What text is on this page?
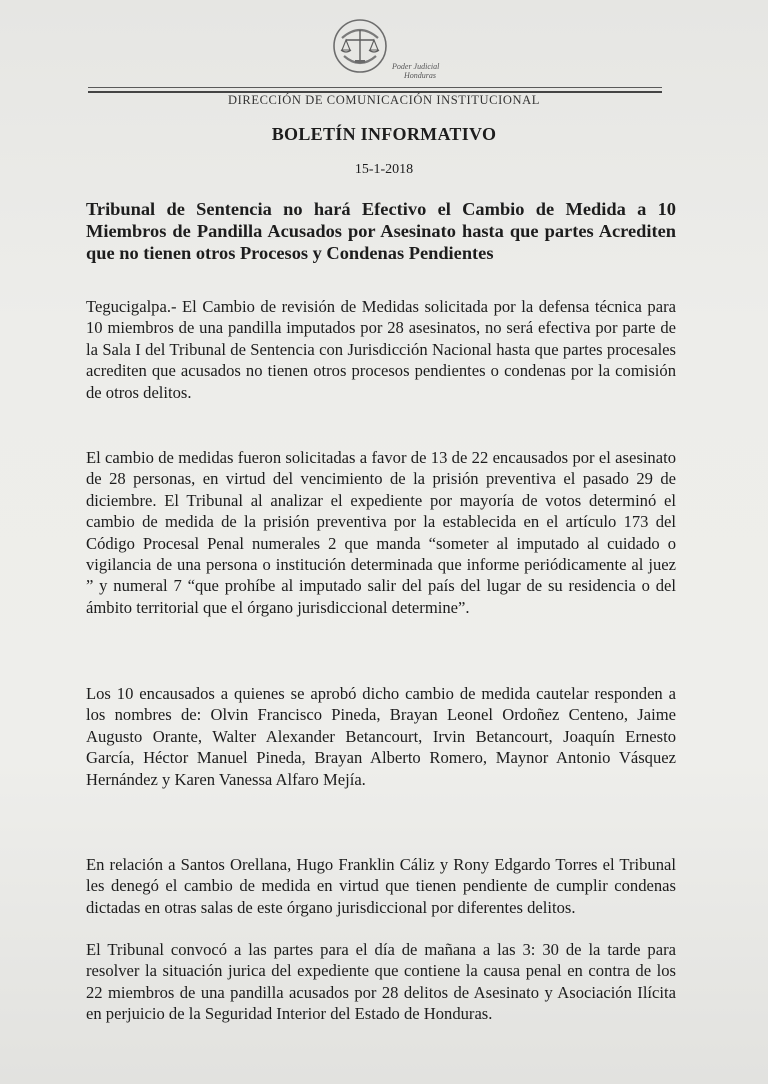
Poder Judicial
Honduras
DIRECCIÓN DE COMUNICACIÓN INSTITUCIONAL
BOLETÍN INFORMATIVO
15-1-2018
Tribunal de Sentencia no hará Efectivo el Cambio de Medida a 10 Miembros de Pandilla Acusados por Asesinato hasta que partes Acrediten que no tienen otros Procesos y Condenas Pendientes
Tegucigalpa.- El Cambio de revisión de Medidas solicitada por la defensa técnica para 10 miembros de una pandilla imputados por 28 asesinatos, no será efectiva por parte de la Sala I del Tribunal de Sentencia con Jurisdicción Nacional hasta que partes procesales acrediten que acusados no tienen otros procesos pendientes o condenas por la comisión de otros delitos.
El cambio de medidas fueron solicitadas a favor de 13 de 22 encausados por el asesinato de 28 personas, en virtud del vencimiento de la prisión preventiva el pasado 29 de diciembre. El Tribunal al analizar el expediente por mayoría de votos determinó el cambio de medida de la prisión preventiva por la establecida en el artículo 173 del Código Procesal Penal numerales 2 que manda “someter al imputado al cuidado o vigilancia de una persona o institución determinada que informe periódicamente al juez ” y numeral 7 “que prohíbe al imputado salir del país del lugar de su residencia o del ámbito territorial que el órgano jurisdiccional determine”.
Los 10 encausados a quienes se aprobó dicho cambio de medida cautelar responden a los nombres de: Olvin Francisco Pineda, Brayan Leonel Ordoñez Centeno, Jaime Augusto Orante, Walter Alexander Betancourt, Irvin Betancourt, Joaquín Ernesto García, Héctor Manuel Pineda, Brayan Alberto Romero, Maynor Antonio Vásquez Hernández y Karen Vanessa Alfaro Mejía.
En relación a Santos Orellana, Hugo Franklin Cáliz y Rony Edgardo Torres el Tribunal les denegó el cambio de medida en virtud que tienen pendiente de cumplir condenas dictadas en otras salas de este órgano jurisdiccional por diferentes delitos.
El Tribunal convocó a las partes para el día de mañana a las 3: 30 de la tarde para resolver la situación jurica del expediente que contiene la causa penal en contra de los 22 miembros de una pandilla acusados por 28 delitos de Asesinato y Asociación Ilícita en perjuicio de la Seguridad Interior del Estado de Honduras.
